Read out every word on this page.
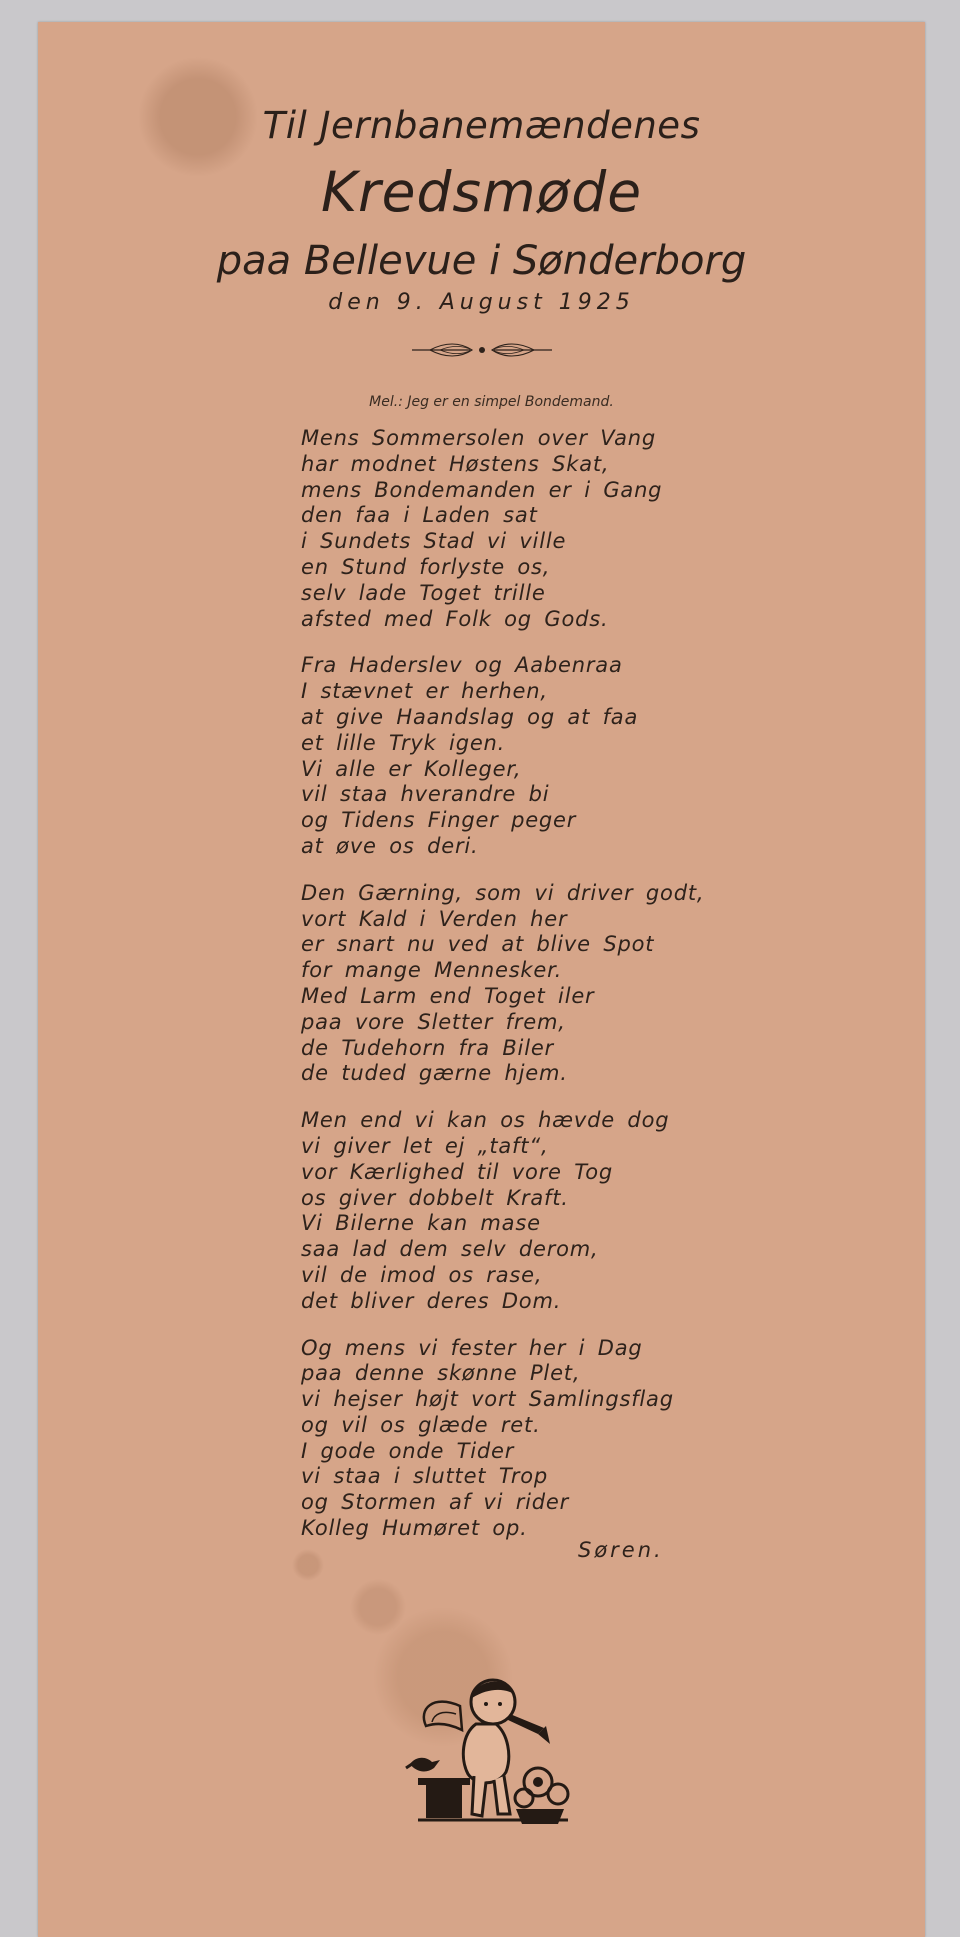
Til Jernbanemændenes
Kredsmøde
paa Bellevue i Sønderborg
den 9. August 1925
Mel.: Jeg er en simpel Bondemand.
Mens Sommersolen over Vang
har modnet Høstens Skat,
mens Bondemanden er i Gang
den faa i Laden sat
i Sundets Stad vi ville
en Stund forlyste os,
selv lade Toget trille
afsted med Folk og Gods.
Fra Haderslev og Aabenraa
I stævnet er herhen,
at give Haandslag og at faa
et lille Tryk igen.
Vi alle er Kolleger,
vil staa hverandre bi
og Tidens Finger peger
at øve os deri.
Den Gærning, som vi driver godt,
vort Kald i Verden her
er snart nu ved at blive Spot
for mange Mennesker.
Med Larm end Toget iler
paa vore Sletter frem,
de Tudehorn fra Biler
de tuded gærne hjem.
Men end vi kan os hævde dog
vi giver let ej „taft“,
vor Kærlighed til vore Tog
os giver dobbelt Kraft.
Vi Bilerne kan mase
saa lad dem selv derom,
vil de imod os rase,
det bliver deres Dom.
Og mens vi fester her i Dag
paa denne skønne Plet,
vi hejser højt vort Samlingsflag
og vil os glæde ret.
I gode onde Tider
vi staa i sluttet Trop
og Stormen af vi rider
Kolleg Humøret op.
Søren.
